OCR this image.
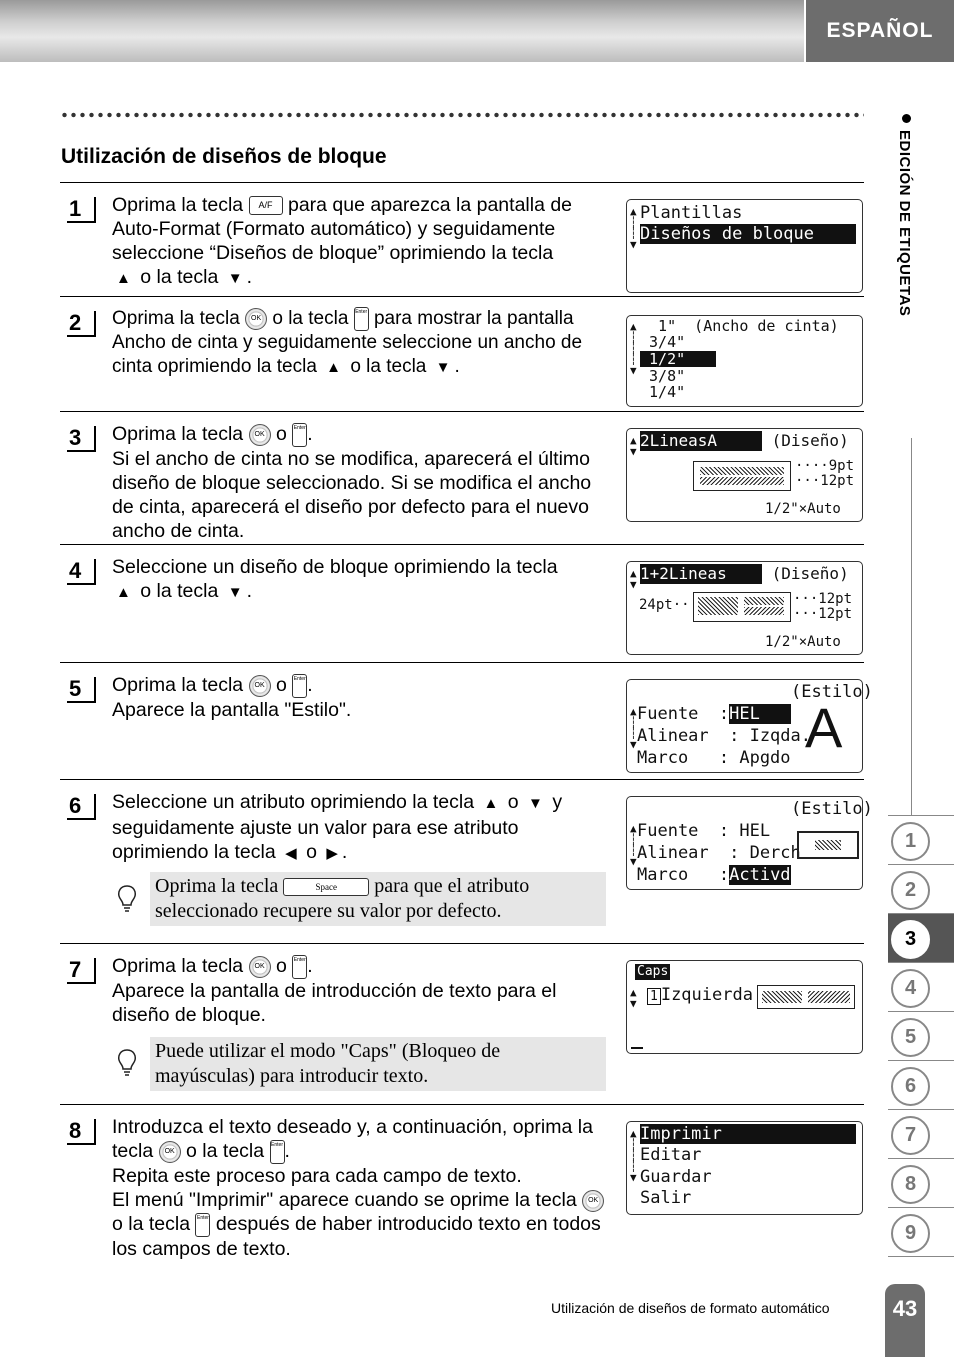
ESPAÑOL
Utilización de diseños de bloque	EDICIÓN DE ETIQUETAS
1	Oprima la tecla A/F para que aparezca la pantalla de Auto-Format (Formato automático) y seguidamente seleccione “Diseños de bloque” oprimiendo la tecla
▲ o la tecla ▼ .
▲
┆
┆
▼
Plantillas
Diseños de bloque
2	Oprima la tecla OK o la tecla Enter para mostrar la pantalla Ancho de cinta y seguidamente seleccione un ancho de cinta oprimiendo la tecla ▲ o la tecla ▼ .
▲
┆
┆
┆
▼
1"  (Ancho de cinta)
3/4"
1/2"
3/8"
1/4"
3	Oprima la tecla OK o Enter.
Si el ancho de cinta no se modifica, aparecerá el último diseño de bloque seleccionado. Si se modifica el ancho de cinta, aparecerá el diseño por defecto para el nuevo ancho de cinta.
▲
▼
2LineasA	(Diseño)
····9pt
···12pt
1/2"×Auto
4	Seleccione un diseño de bloque oprimiendo la tecla
▲ o la tecla ▼ .
▲
▼
1+2Lineas (Diseño)
24pt··	···12pt
···12pt
1/2"×Auto
5	Oprima la tecla OK o Enter.
Aparece la pantalla "Estilo".
(Estilo)
▲
┆
┆
▼
Fuente  :HEL
Alinear  : Izqda.
Marco   : Apgdo A
6	Seleccione un atributo oprimiendo la tecla ▲ o ▼ y seguidamente ajuste un valor para ese atributo oprimiendo la tecla ◀ o ▶ .
Oprima la tecla	Space para que el atributo seleccionado recupere su valor por defecto.
(Estilo)
▲
┆
┆
▼
Fuente  : HEL
Alinear  : Derch
Marco   :Activd
7	Oprima la tecla OK o Enter.
Aparece la pantalla de introducción de texto para el diseño de bloque.
Puede utilizar el modo "Caps" (Bloqueo de mayúsculas) para introducir texto.
Caps
▲
▼ 1 Izquierda
8	Introduzca el texto deseado y, a continuación, oprima la tecla OK o la tecla Enter.
Repita este proceso para cada campo de texto.
El menú "Imprimir" aparece cuando se oprime la tecla OK o la tecla Enter después de haber introducido texto en todos los campos de texto.
▲
┆
┆
┆
▼
Imprimir
Editar
Guardar
Salir
1
2
3
4
5
6
7
8
9
Utilización de diseños de formato automático	43
